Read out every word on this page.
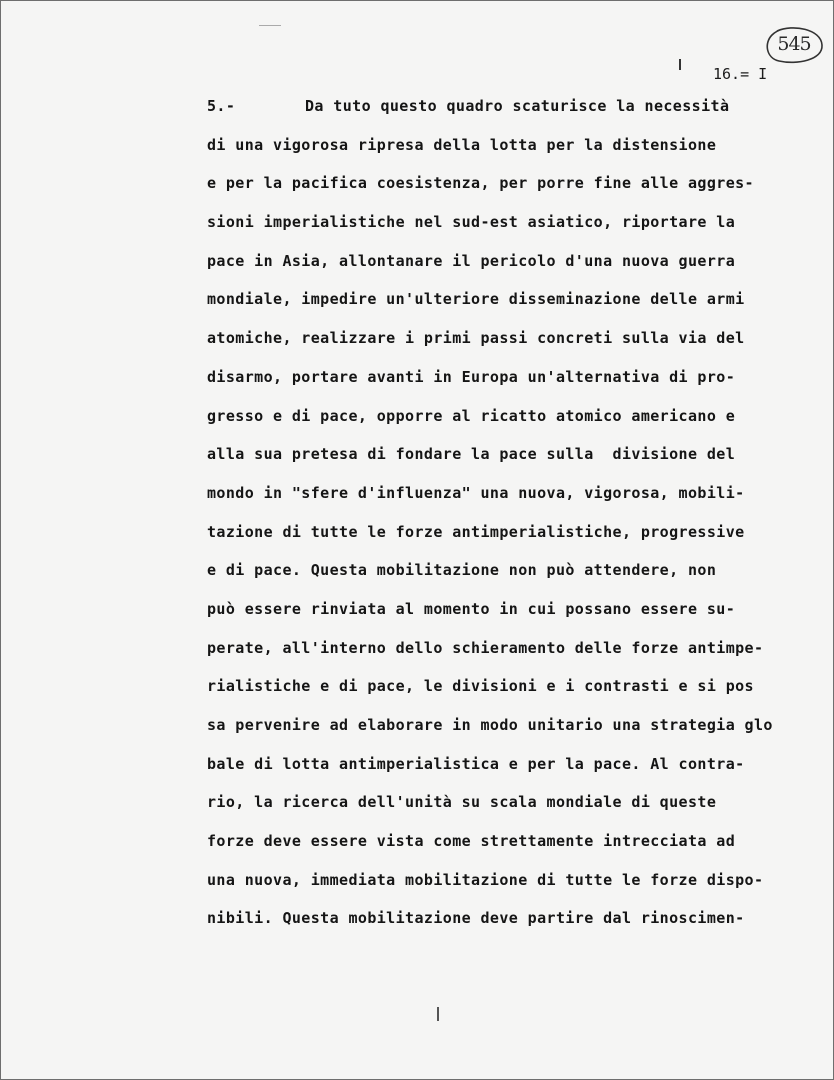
545
16.= I
5.-	Da tuto questo quadro scaturisce la necessità
di una vigorosa ripresa della lotta per la distensione
e per la pacifica coesistenza, per porre fine alle aggres-
sioni imperialistiche nel sud-est asiatico, riportare la
pace in Asia, allontanare il pericolo d'una nuova guerra
mondiale, impedire un'ulteriore disseminazione delle armi
atomiche, realizzare i primi passi concreti sulla via del
disarmo, portare avanti in Europa un'alternativa di pro-
gresso e di pace, opporre al ricatto atomico americano e
alla sua pretesa di fondare la pace sulla  divisione del
mondo in "sfere d'influenza" una nuova, vigorosa, mobili-
tazione di tutte le forze antimperialistiche, progressive
e di pace. Questa mobilitazione non può attendere, non
può essere rinviata al momento in cui possano essere su-
perate, all'interno dello schieramento delle forze antimpe-
rialistiche e di pace, le divisioni e i contrasti e si pos
sa pervenire ad elaborare in modo unitario una strategia glo
bale di lotta antimperialistica e per la pace. Al contra-
rio, la ricerca dell'unità su scala mondiale di queste
forze deve essere vista come strettamente intrecciata ad
una nuova, immediata mobilitazione di tutte le forze dispo-
nibili. Questa mobilitazione deve partire dal rinoscimen-
